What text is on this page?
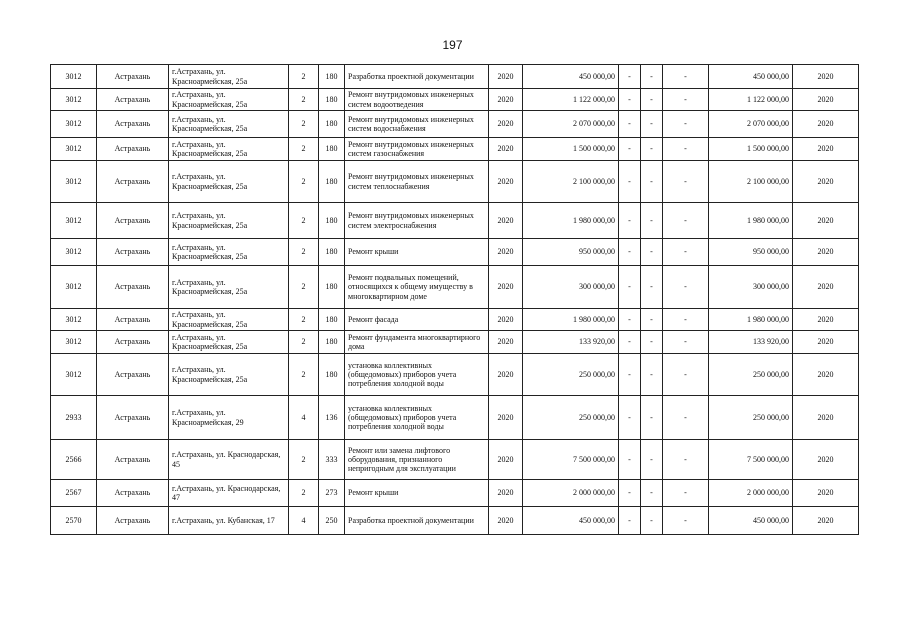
197
3012	Астрахань	г.Астрахань, ул. Красноармейская, 25а	2	180	Разработка проектной документации	2020	450 000,00	-	-	-	450 000,00	2020
3012	Астрахань	г.Астрахань, ул. Красноармейская, 25а	2	180	Ремонт внутридомовых инженерных систем водоотведения	2020	1 122 000,00	-	-	-	1 122 000,00	2020
3012	Астрахань	г.Астрахань, ул. Красноармейская, 25а	2	180	Ремонт внутридомовых инженерных систем водоснабжения	2020	2 070 000,00	-	-	-	2 070 000,00	2020
3012	Астрахань	г.Астрахань, ул. Красноармейская, 25а	2	180	Ремонт внутридомовых инженерных систем газоснабжения	2020	1 500 000,00	-	-	-	1 500 000,00	2020
3012	Астрахань	г.Астрахань, ул. Красноармейская, 25а	2	180	Ремонт внутридомовых инженерных систем теплоснабжения	2020	2 100 000,00	-	-	-	2 100 000,00	2020
3012	Астрахань	г.Астрахань, ул. Красноармейская, 25а	2	180	Ремонт внутридомовых инженерных систем электроснабжения	2020	1 980 000,00	-	-	-	1 980 000,00	2020
3012	Астрахань	г.Астрахань, ул. Красноармейская, 25а	2	180	Ремонт крыши	2020	950 000,00	-	-	-	950 000,00	2020
3012	Астрахань	г.Астрахань, ул. Красноармейская, 25а	2	180	Ремонт подвальных помещений, относящихся к общему имуществу в многоквартирном доме	2020	300 000,00	-	-	-	300 000,00	2020
3012	Астрахань	г.Астрахань, ул. Красноармейская, 25а	2	180	Ремонт фасада	2020	1 980 000,00	-	-	-	1 980 000,00	2020
3012	Астрахань	г.Астрахань, ул. Красноармейская, 25а	2	180	Ремонт фундамента многоквартирного дома	2020	133 920,00	-	-	-	133 920,00	2020
3012	Астрахань	г.Астрахань, ул. Красноармейская, 25а	2	180	установка коллективных (общедомовых) приборов учета потребления холодной воды	2020	250 000,00	-	-	-	250 000,00	2020
2933	Астрахань	г.Астрахань, ул. Красноармейская, 29	4	136	установка коллективных (общедомовых) приборов учета потребления холодной воды	2020	250 000,00	-	-	-	250 000,00	2020
2566	Астрахань	г.Астрахань, ул. Краснодарская, 45	2	333	Ремонт или замена лифтового оборудования, признанного непригодным для эксплуатации	2020	7 500 000,00	-	-	-	7 500 000,00	2020
2567	Астрахань	г.Астрахань, ул. Краснодарская, 47	2	273	Ремонт крыши	2020	2 000 000,00	-	-	-	2 000 000,00	2020
2570	Астрахань	г.Астрахань, ул. Кубанская, 17	4	250	Разработка проектной документации	2020	450 000,00	-	-	-	450 000,00	2020
